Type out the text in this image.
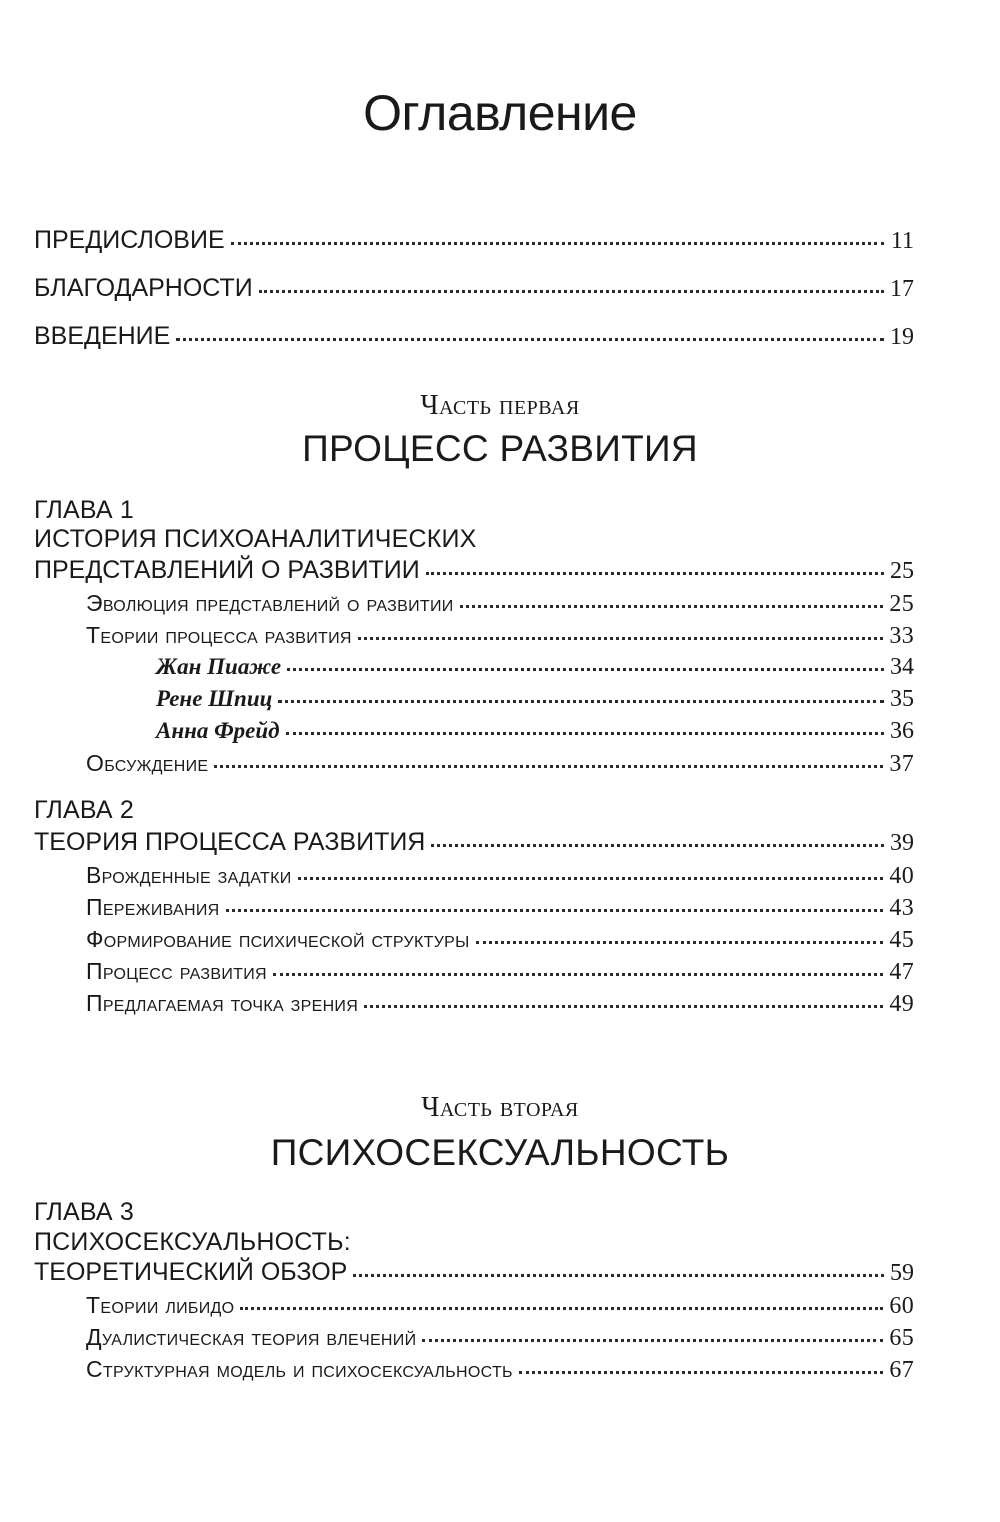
Оглавление
ПРЕДИСЛОВИЕ	11
БЛАГОДАРНОСТИ	17
ВВЕДЕНИЕ	19
Часть первая
ПРОЦЕСС РАЗВИТИЯ
ГЛАВА 1
ИСТОРИЯ ПСИХОАНАЛИТИЧЕСКИХ
ПРЕДСТАВЛЕНИЙ О РАЗВИТИИ	25
Эволюция представлений о развитии	25
Теории процесса развития	33
Жан Пиаже	34
Рене Шпиц	35
Анна Фрейд	36
Обсуждение	37
ГЛАВА 2
ТЕОРИЯ ПРОЦЕССА РАЗВИТИЯ	39
Врожденные задатки	40
Переживания	43
Формирование психической структуры	45
Процесс развития	47
Предлагаемая точка зрения	49
Часть вторая
ПСИХОСЕКСУАЛЬНОСТЬ
ГЛАВА 3
ПСИХОСЕКСУАЛЬНОСТЬ:
ТЕОРЕТИЧЕСКИЙ ОБЗОР	59
Теории либидо	60
Дуалистическая теория влечений	65
Структурная модель и психосексуальность	67
